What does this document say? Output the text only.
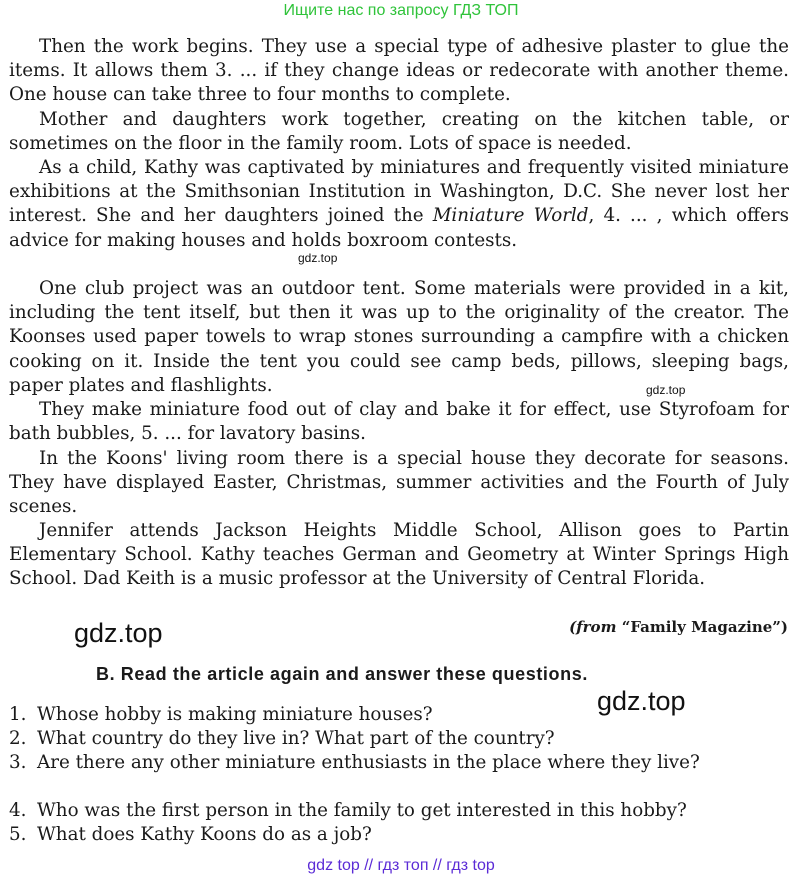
Ищите нас по запросу ГДЗ ТОП

Then the work begins. They use a special type of adhesive plaster to glue the items. It allows them 3. ... if they change ideas or redecorate with another theme. One house can take three to four months to complete.

Mother and daughters work together, creating on the kitchen table, or sometimes on the floor in the family room. Lots of space is needed.

As a child, Kathy was captivated by miniatures and frequently visited miniature exhibitions at the Smithsonian Institution in Washington, D.C. She never lost her interest. She and her daughters joined the Miniature World, 4. ... , which offers advice for making houses and holds boxroom contests.

One club project was an outdoor tent. Some materials were provided in a kit, including the tent itself, but then it was up to the originality of the creator. The Koonses used paper towels to wrap stones surrounding a campfire with a chicken cooking on it. Inside the tent you could see camp beds, pillows, sleeping bags, paper plates and flashlights.

They make miniature food out of clay and bake it for effect, use Styrofoam for bath bubbles, 5. ... for lavatory basins.

In the Koons' living room there is a special house they decorate for seasons. They have displayed Easter, Christmas, summer activities and the Fourth of July scenes.

Jennifer attends Jackson Heights Middle School, Allison goes to Partin Elementary School. Kathy teaches German and Geometry at Winter Springs High School. Dad Keith is a music professor at the University of Central Florida.

gdz.top
gdz.top
gdz.top
gdz.top
(from “Family Magazine”)
B. Read the article again and answer these questions.
1. Whose hobby is making miniature houses?
2. What country do they live in? What part of the country?
3. Are there any other miniature enthusiasts in the place where they live?
4. Who was the first person in the family to get interested in this hobby?
5. What does Kathy Koons do as a job?
gdz top // гдз топ // гдз top
